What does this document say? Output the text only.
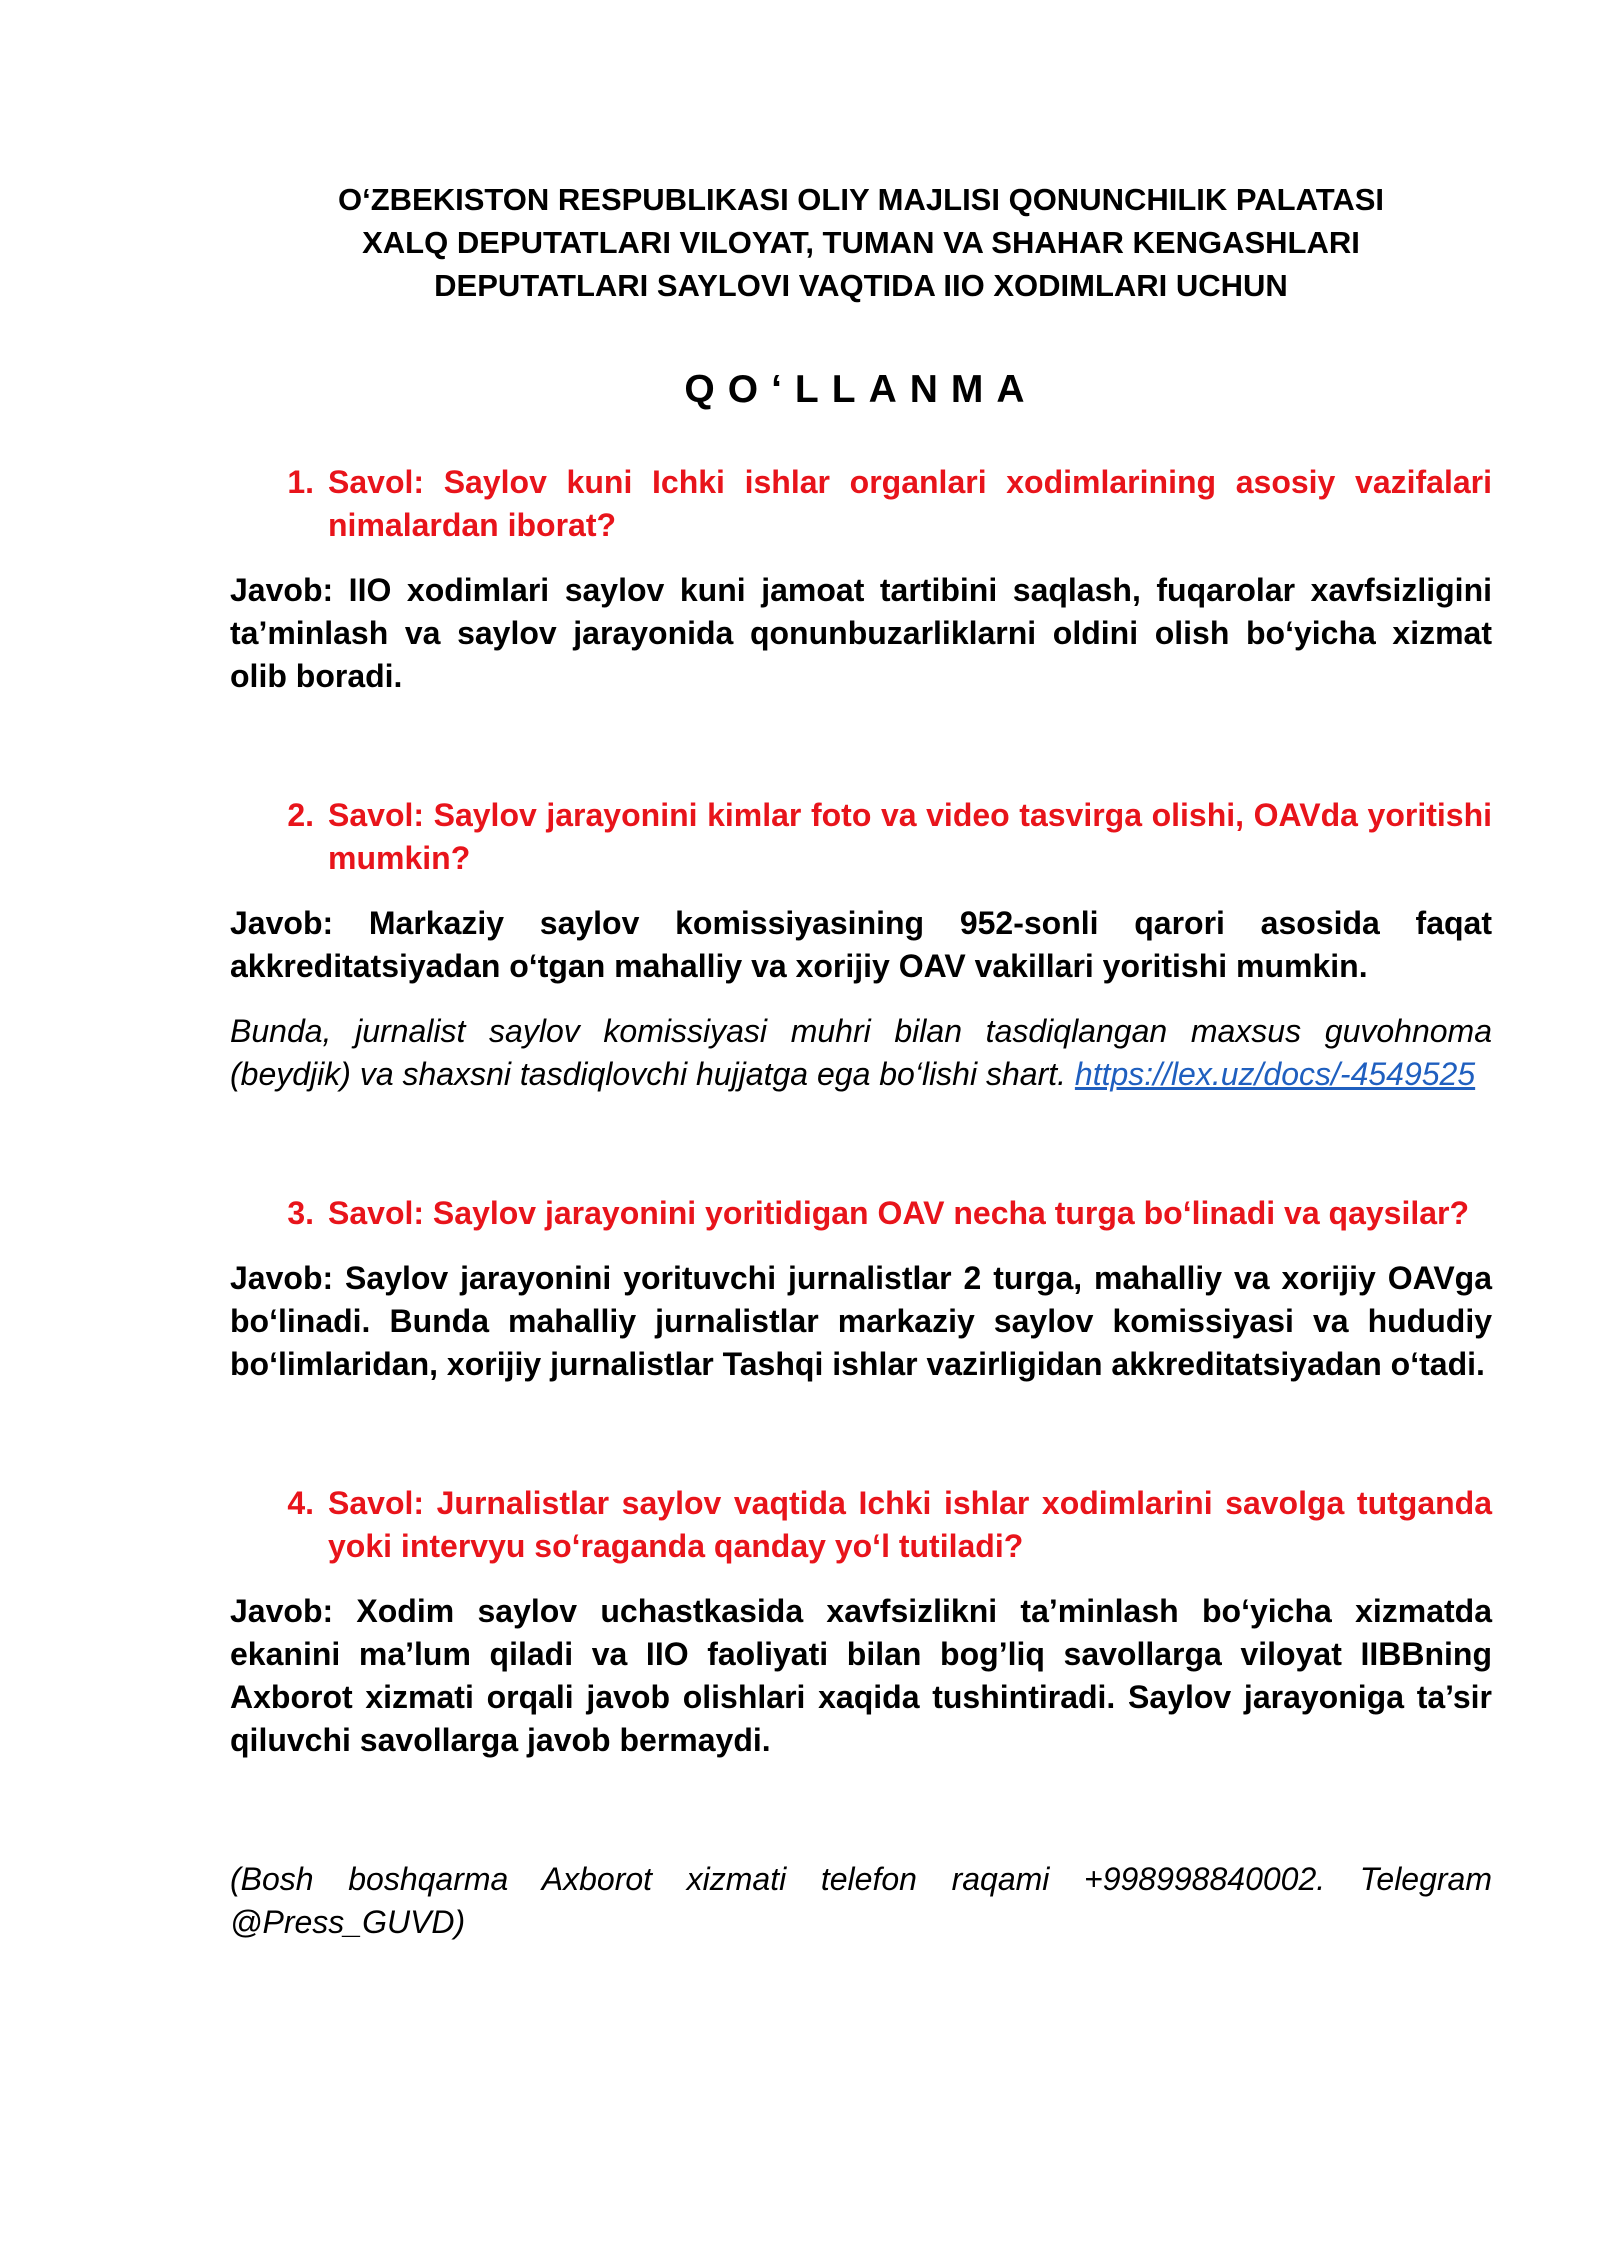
O‘ZBEKISTON RESPUBLIKASI OLIY MAJLISI QONUNCHILIK PALATASI
XALQ DEPUTATLARI VILOYAT, TUMAN VA SHAHAR KENGASHLARI
DEPUTATLARI SAYLOVI VAQTIDA IIO XODIMLARI UCHUN
QO‘LLANMA
1. Savol: Saylov kuni Ichki ishlar organlari xodimlarining asosiy vazifalari nimalardan iborat?

Javob: IIO xodimlari saylov kuni jamoat tartibini saqlash, fuqarolar xavfsizligini ta’minlash va saylov jarayonida qonunbuzarliklarni oldini olish bo‘yicha xizmat olib boradi.

2. Savol: Saylov jarayonini kimlar foto va video tasvirga olishi, OAVda yoritishi mumkin?

Javob: Markaziy saylov komissiyasining 952-sonli qarori asosida faqat akkreditatsiyadan o‘tgan mahalliy va xorijiy OAV vakillari yoritishi mumkin.

Bunda, jurnalist saylov komissiyasi muhri bilan tasdiqlangan maxsus guvohnoma (beydjik) va shaxsni tasdiqlovchi hujjatga ega bo‘lishi shart. https://lex.uz/docs/-4549525

3. Savol: Saylov jarayonini yoritidigan OAV necha turga bo‘linadi va qaysilar?

Javob: Saylov jarayonini yorituvchi jurnalistlar 2 turga, mahalliy va xorijiy OAVga bo‘linadi. Bunda mahalliy jurnalistlar markaziy saylov komissiyasi va hududiy bo‘limlaridan, xorijiy jurnalistlar Tashqi ishlar vazirligidan akkreditatsiyadan o‘tadi.

4. Savol: Jurnalistlar saylov vaqtida Ichki ishlar xodimlarini savolga tutganda yoki intervyu so‘raganda qanday yo‘l tutiladi?

Javob: Xodim saylov uchastkasida xavfsizlikni ta’minlash bo‘yicha xizmatda ekanini ma’lum qiladi va IIO faoliyati bilan bog’liq savollarga viloyat IIBBning Axborot xizmati orqali javob olishlari xaqida tushintiradi. Saylov jarayoniga ta’sir qiluvchi savollarga javob bermaydi.

(Bosh boshqarma Axborot xizmati telefon raqami +998998840002. Telegram @Press_GUVD)
